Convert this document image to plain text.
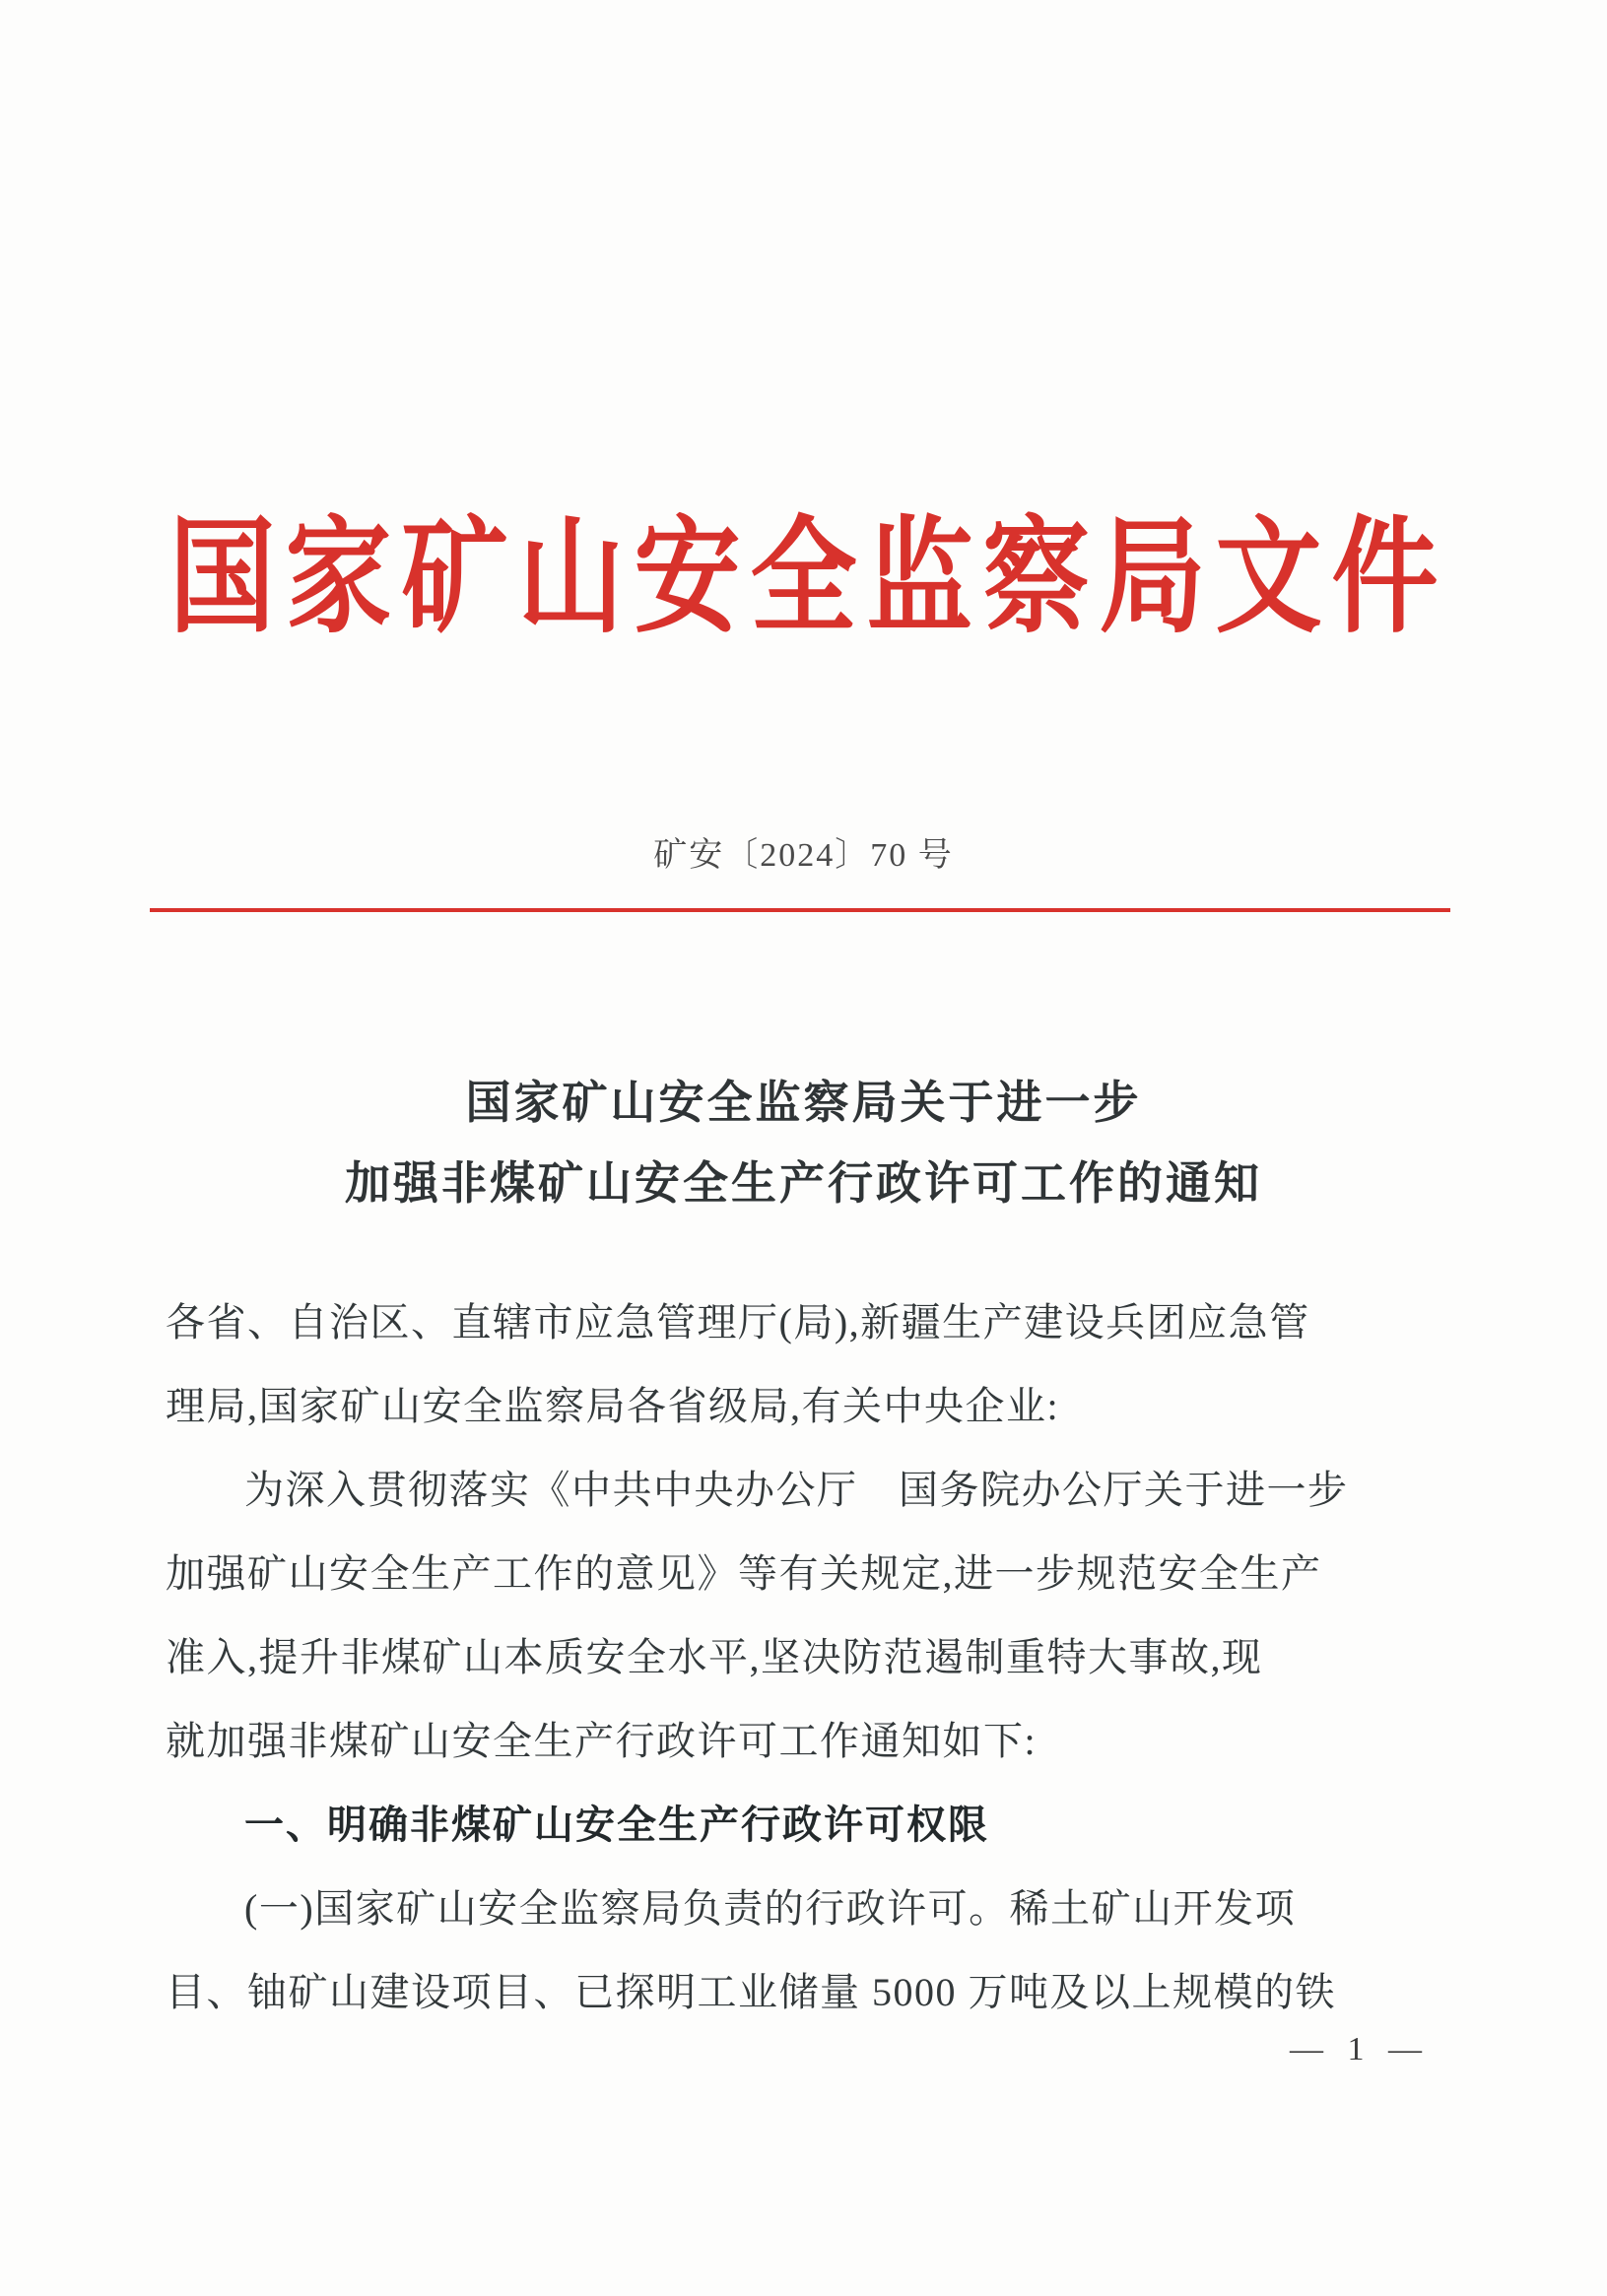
国家矿山安全监察局文件
矿安〔2024〕70 号
国家矿山安全监察局关于进一步
加强非煤矿山安全生产行政许可工作的通知
各省、自治区、直辖市应急管理厅(局),新疆生产建设兵团应急管
理局,国家矿山安全监察局各省级局,有关中央企业:
为深入贯彻落实《中共中央办公厅　国务院办公厅关于进一步
加强矿山安全生产工作的意见》等有关规定,进一步规范安全生产
准入,提升非煤矿山本质安全水平,坚决防范遏制重特大事故,现
就加强非煤矿山安全生产行政许可工作通知如下:
一、明确非煤矿山安全生产行政许可权限
(一)国家矿山安全监察局负责的行政许可。稀土矿山开发项
目、铀矿山建设项目、已探明工业储量 5000 万吨及以上规模的铁
— 1 —
